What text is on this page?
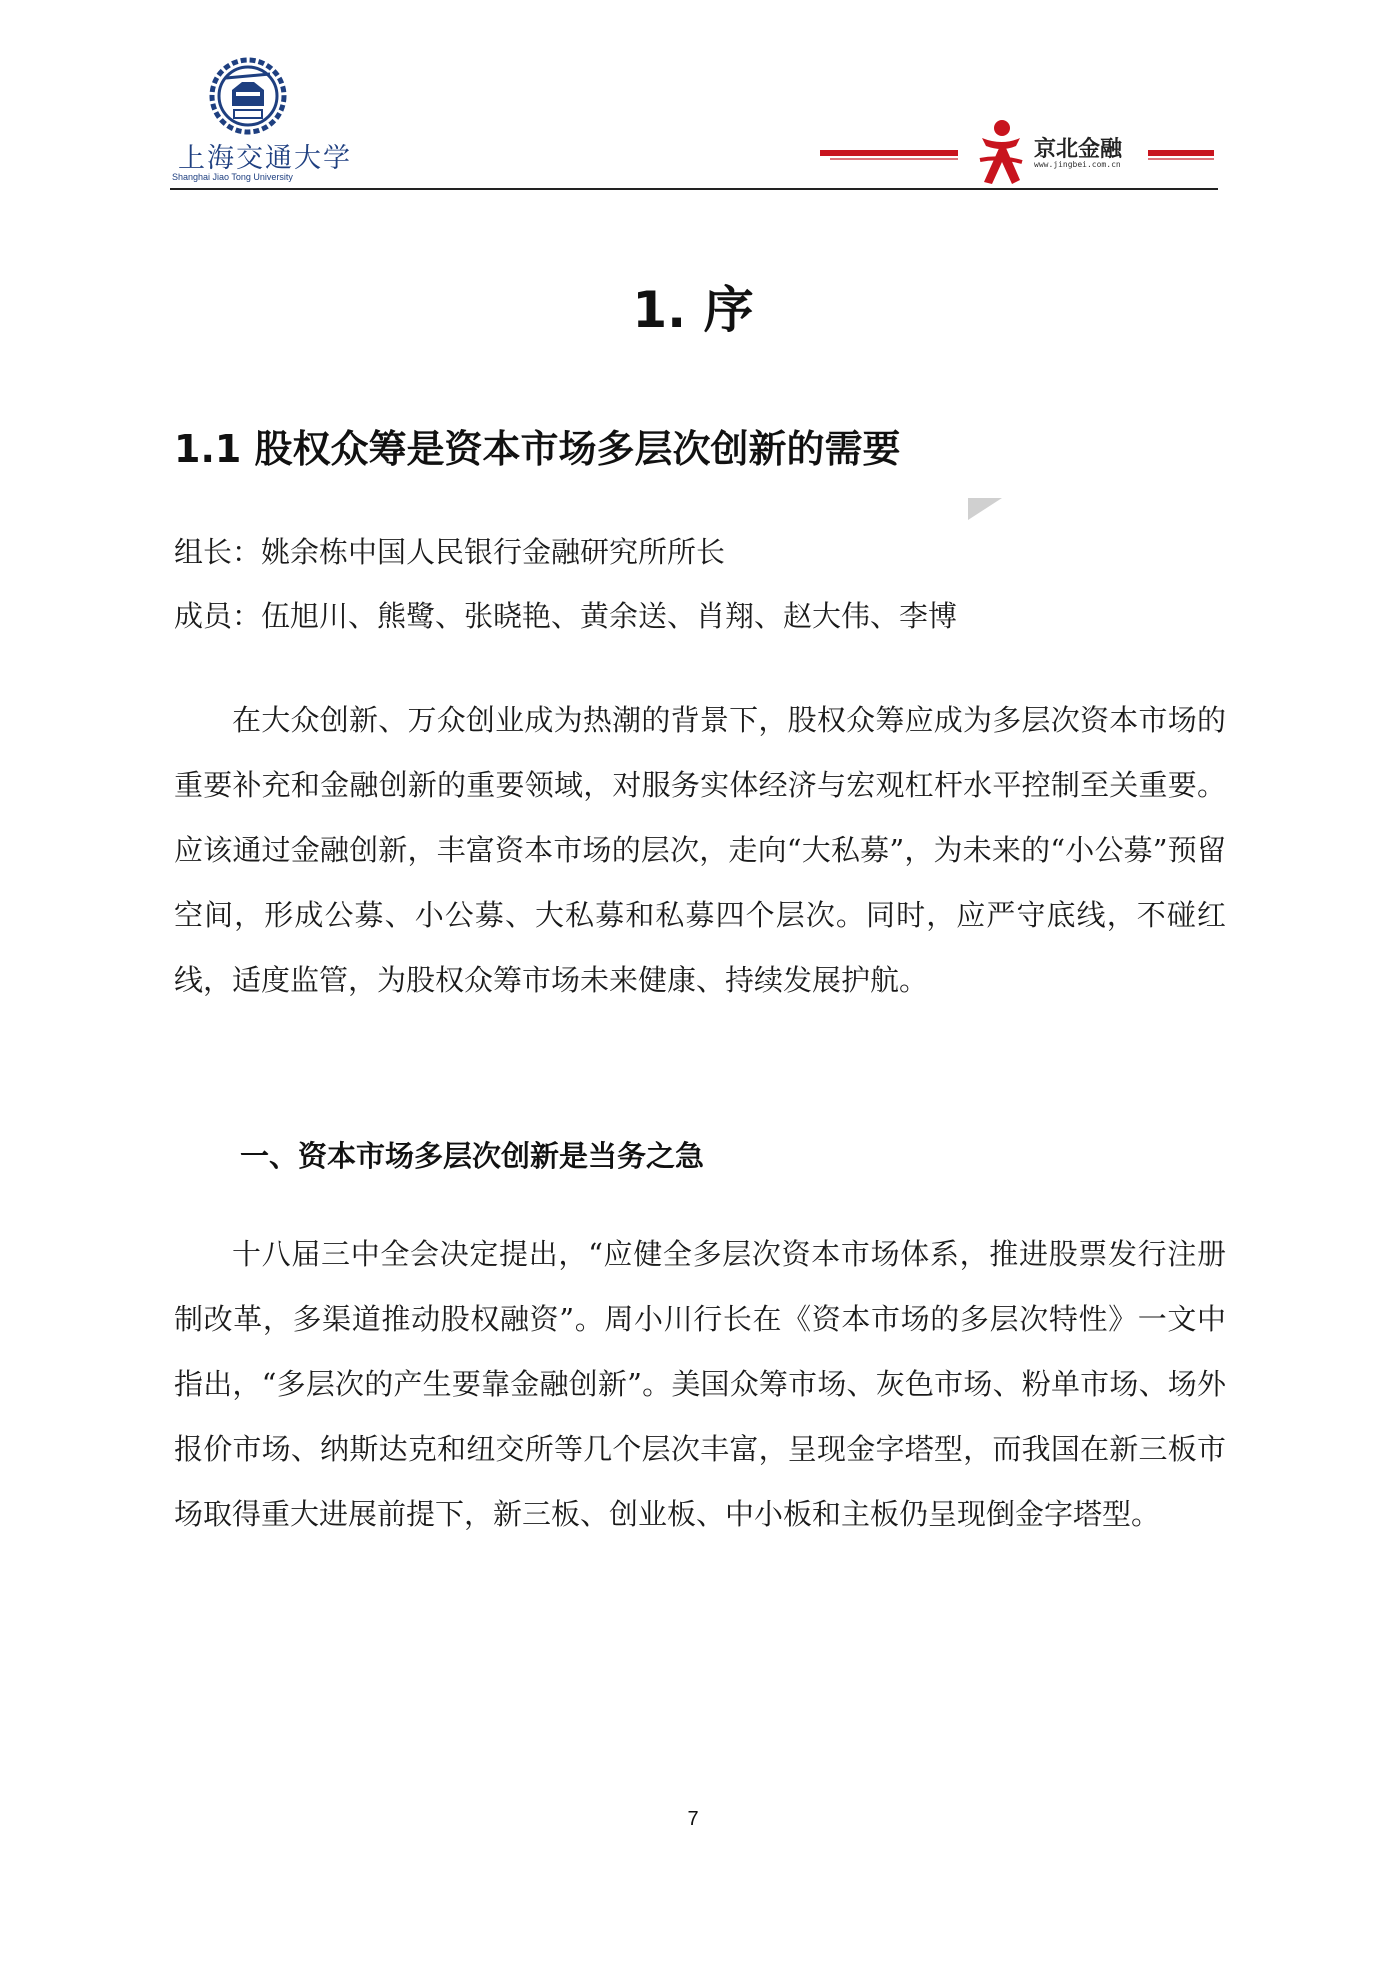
上海交通大学
Shanghai Jiao Tong University
京北金融
www.jingbei.com.cn
1. 序
1.1 股权众筹是资本市场多层次创新的需要
组长：姚余栋中国人民银行金融研究所所长
成员：伍旭川、熊鹭、张晓艳、黄余送、肖翔、赵大伟、李博

在大众创新、万众创业成为热潮的背景下，股权众筹应成为多层次资本市场的重要补充和金融创新的重要领域，对服务实体经济与宏观杠杆水平控制至关重要。应该通过金融创新，丰富资本市场的层次，走向“大私募”，为未来的“小公募”预留空间，形成公募、小公募、大私募和私募四个层次。同时，应严守底线，不碰红线，适度监管，为股权众筹市场未来健康、持续发展护航。

一、资本市场多层次创新是当务之急

十八届三中全会决定提出，“应健全多层次资本市场体系，推进股票发行注册制改革，多渠道推动股权融资”。周小川行长在《资本市场的多层次特性》一文中指出，“多层次的产生要靠金融创新”。美国众筹市场、灰色市场、粉单市场、场外报价市场、纳斯达克和纽交所等几个层次丰富，呈现金字塔型，而我国在新三板市场取得重大进展前提下，新三板、创业板、中小板和主板仍呈现倒金字塔型。

7
